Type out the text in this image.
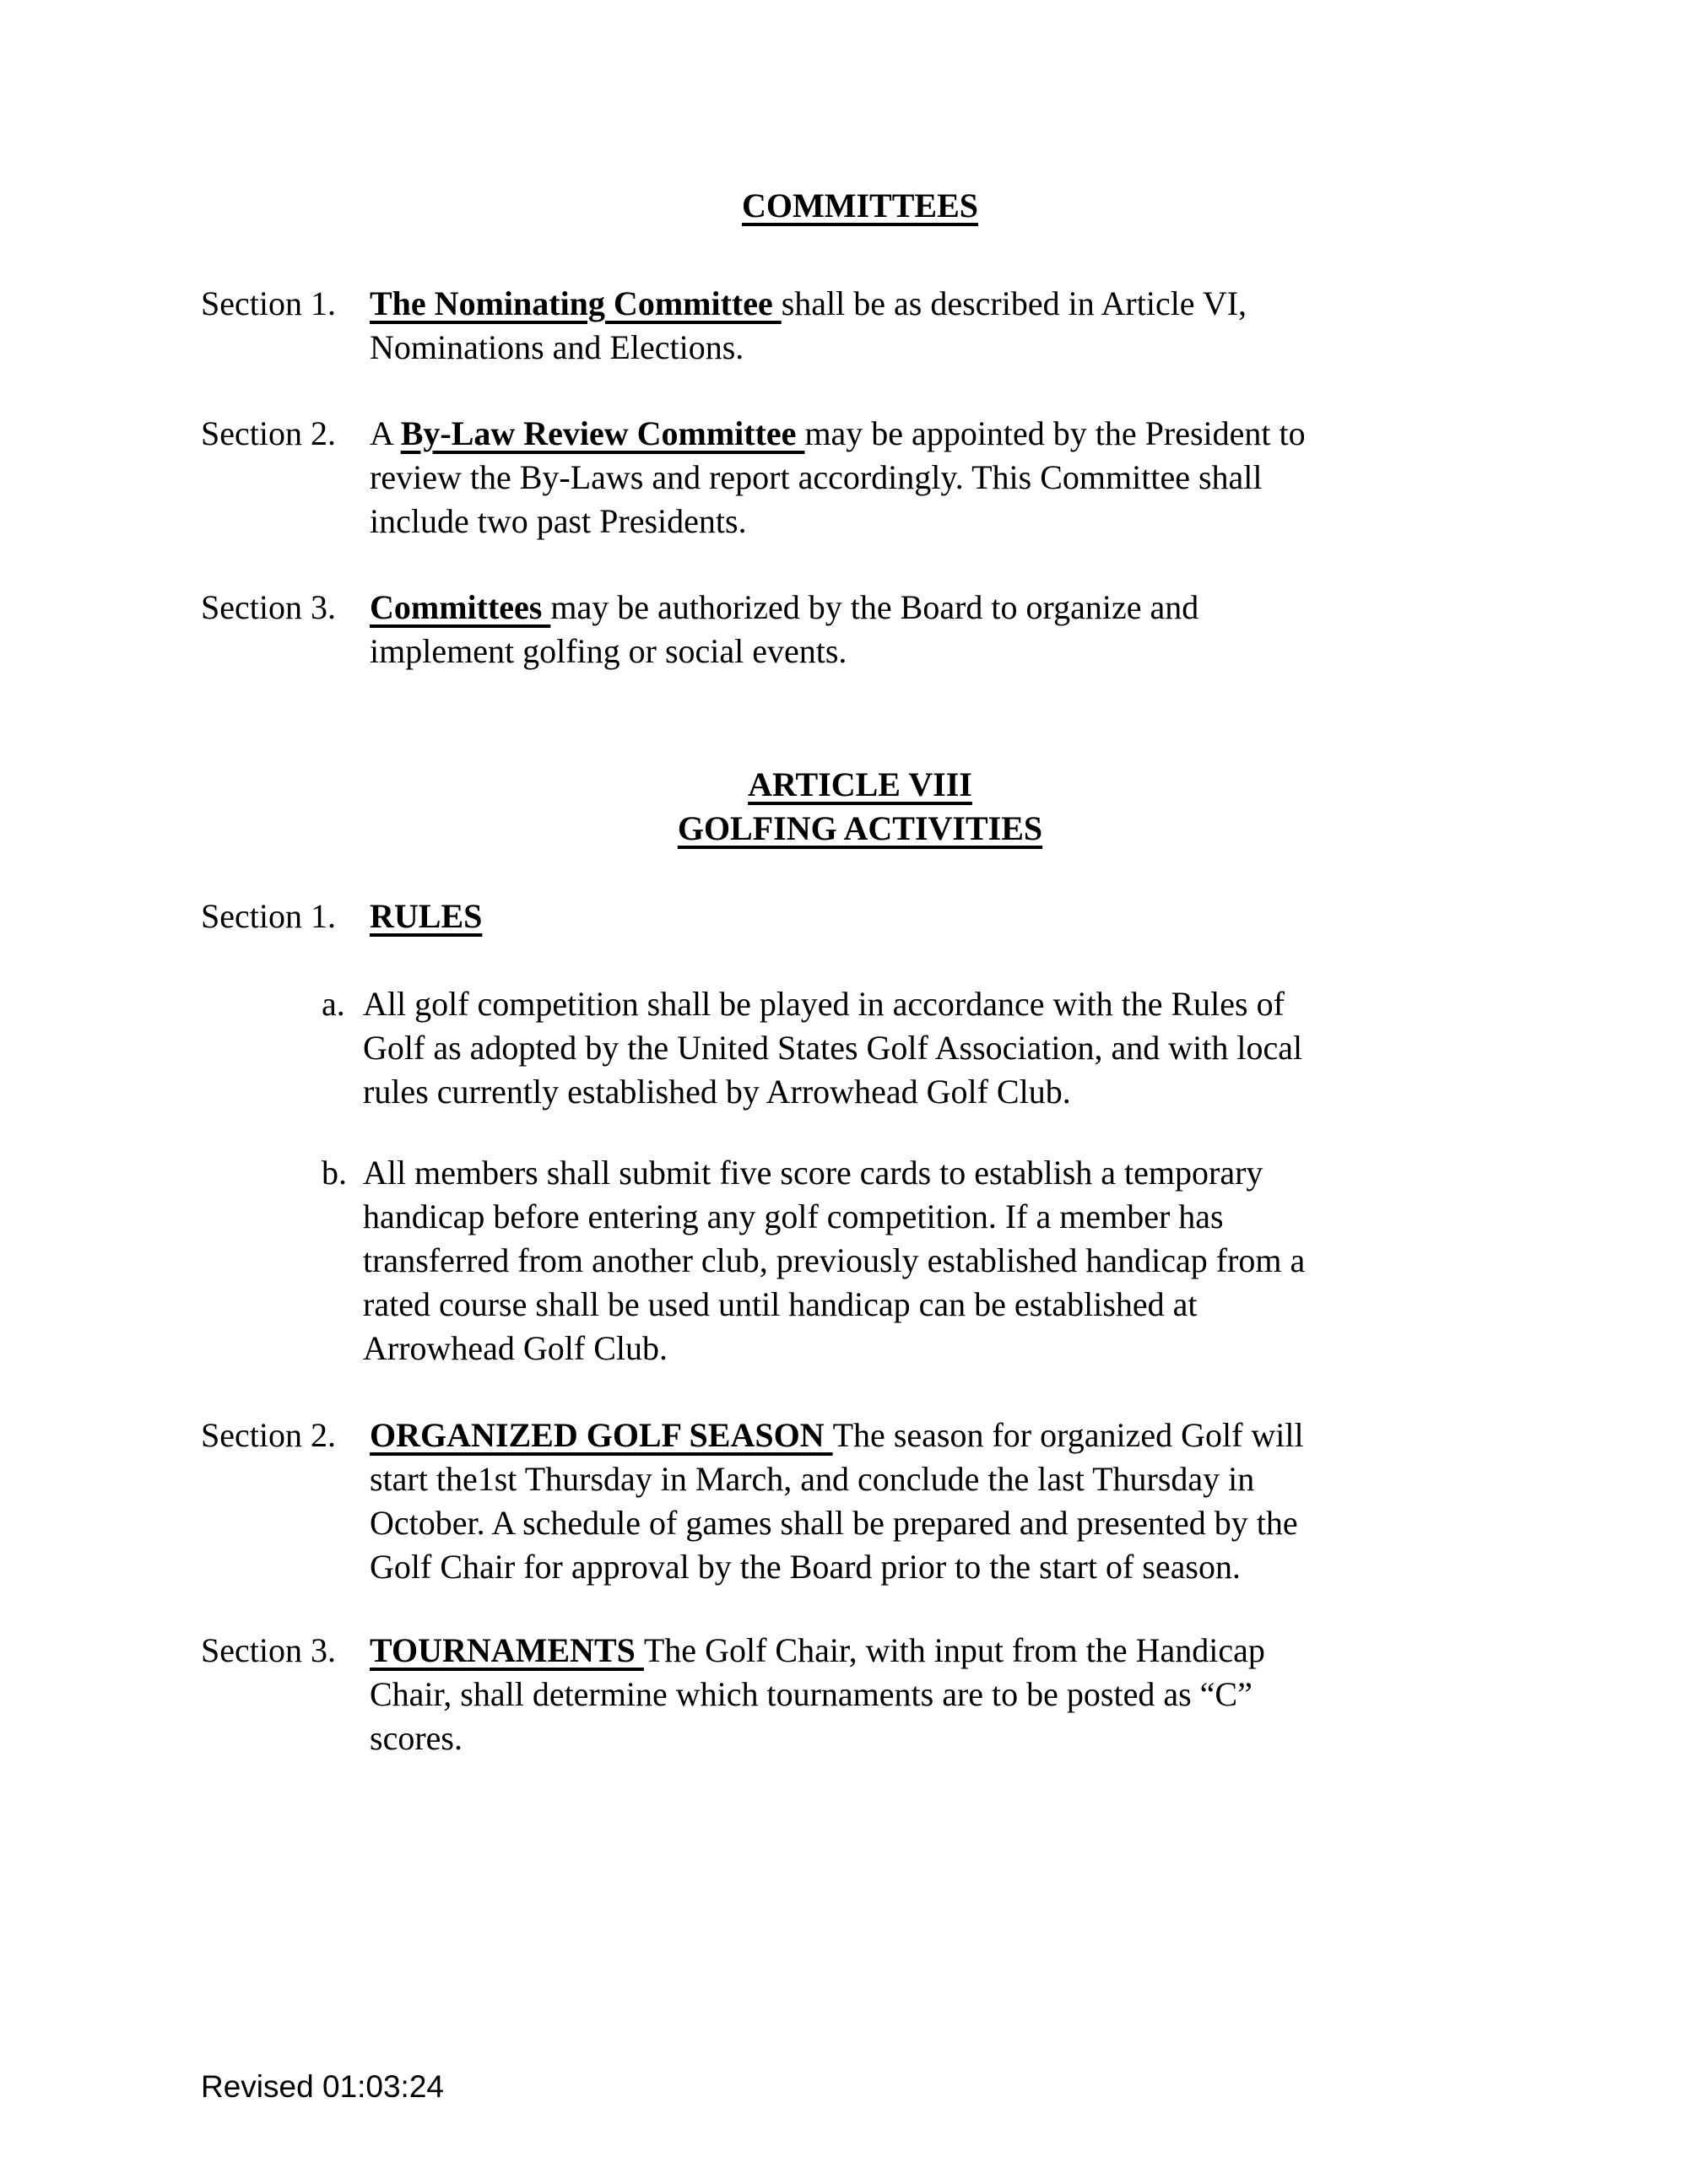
COMMITTEES
Section 1.	The Nominating Committee shall be as described in Article VI,
Nominations and Elections.
Section 2.	A By-Law Review Committee may be appointed by the President to
review the By-Laws and report accordingly. This Committee shall
include two past Presidents.
Section 3.	Committees may be authorized by the Board to organize and
implement golfing or social events.
ARTICLE VIII
GOLFING ACTIVITIES
Section 1.	RULES
a. All golf competition shall be played in accordance with the Rules of
Golf as adopted by the United States Golf Association, and with local
rules currently established by Arrowhead Golf Club.
b. All members shall submit five score cards to establish a temporary
handicap before entering any golf competition. If a member has
transferred from another club, previously established handicap from a
rated course shall be used until handicap can be established at
Arrowhead Golf Club.
Section 2.	ORGANIZED GOLF SEASON The season for organized Golf will
start the1st Thursday in March, and conclude the last Thursday in
October. A schedule of games shall be prepared and presented by the
Golf Chair for approval by the Board prior to the start of season.
Section 3.	TOURNAMENTS The Golf Chair, with input from the Handicap
Chair, shall determine which tournaments are to be posted as “C”
scores.
Revised 01:03:24
